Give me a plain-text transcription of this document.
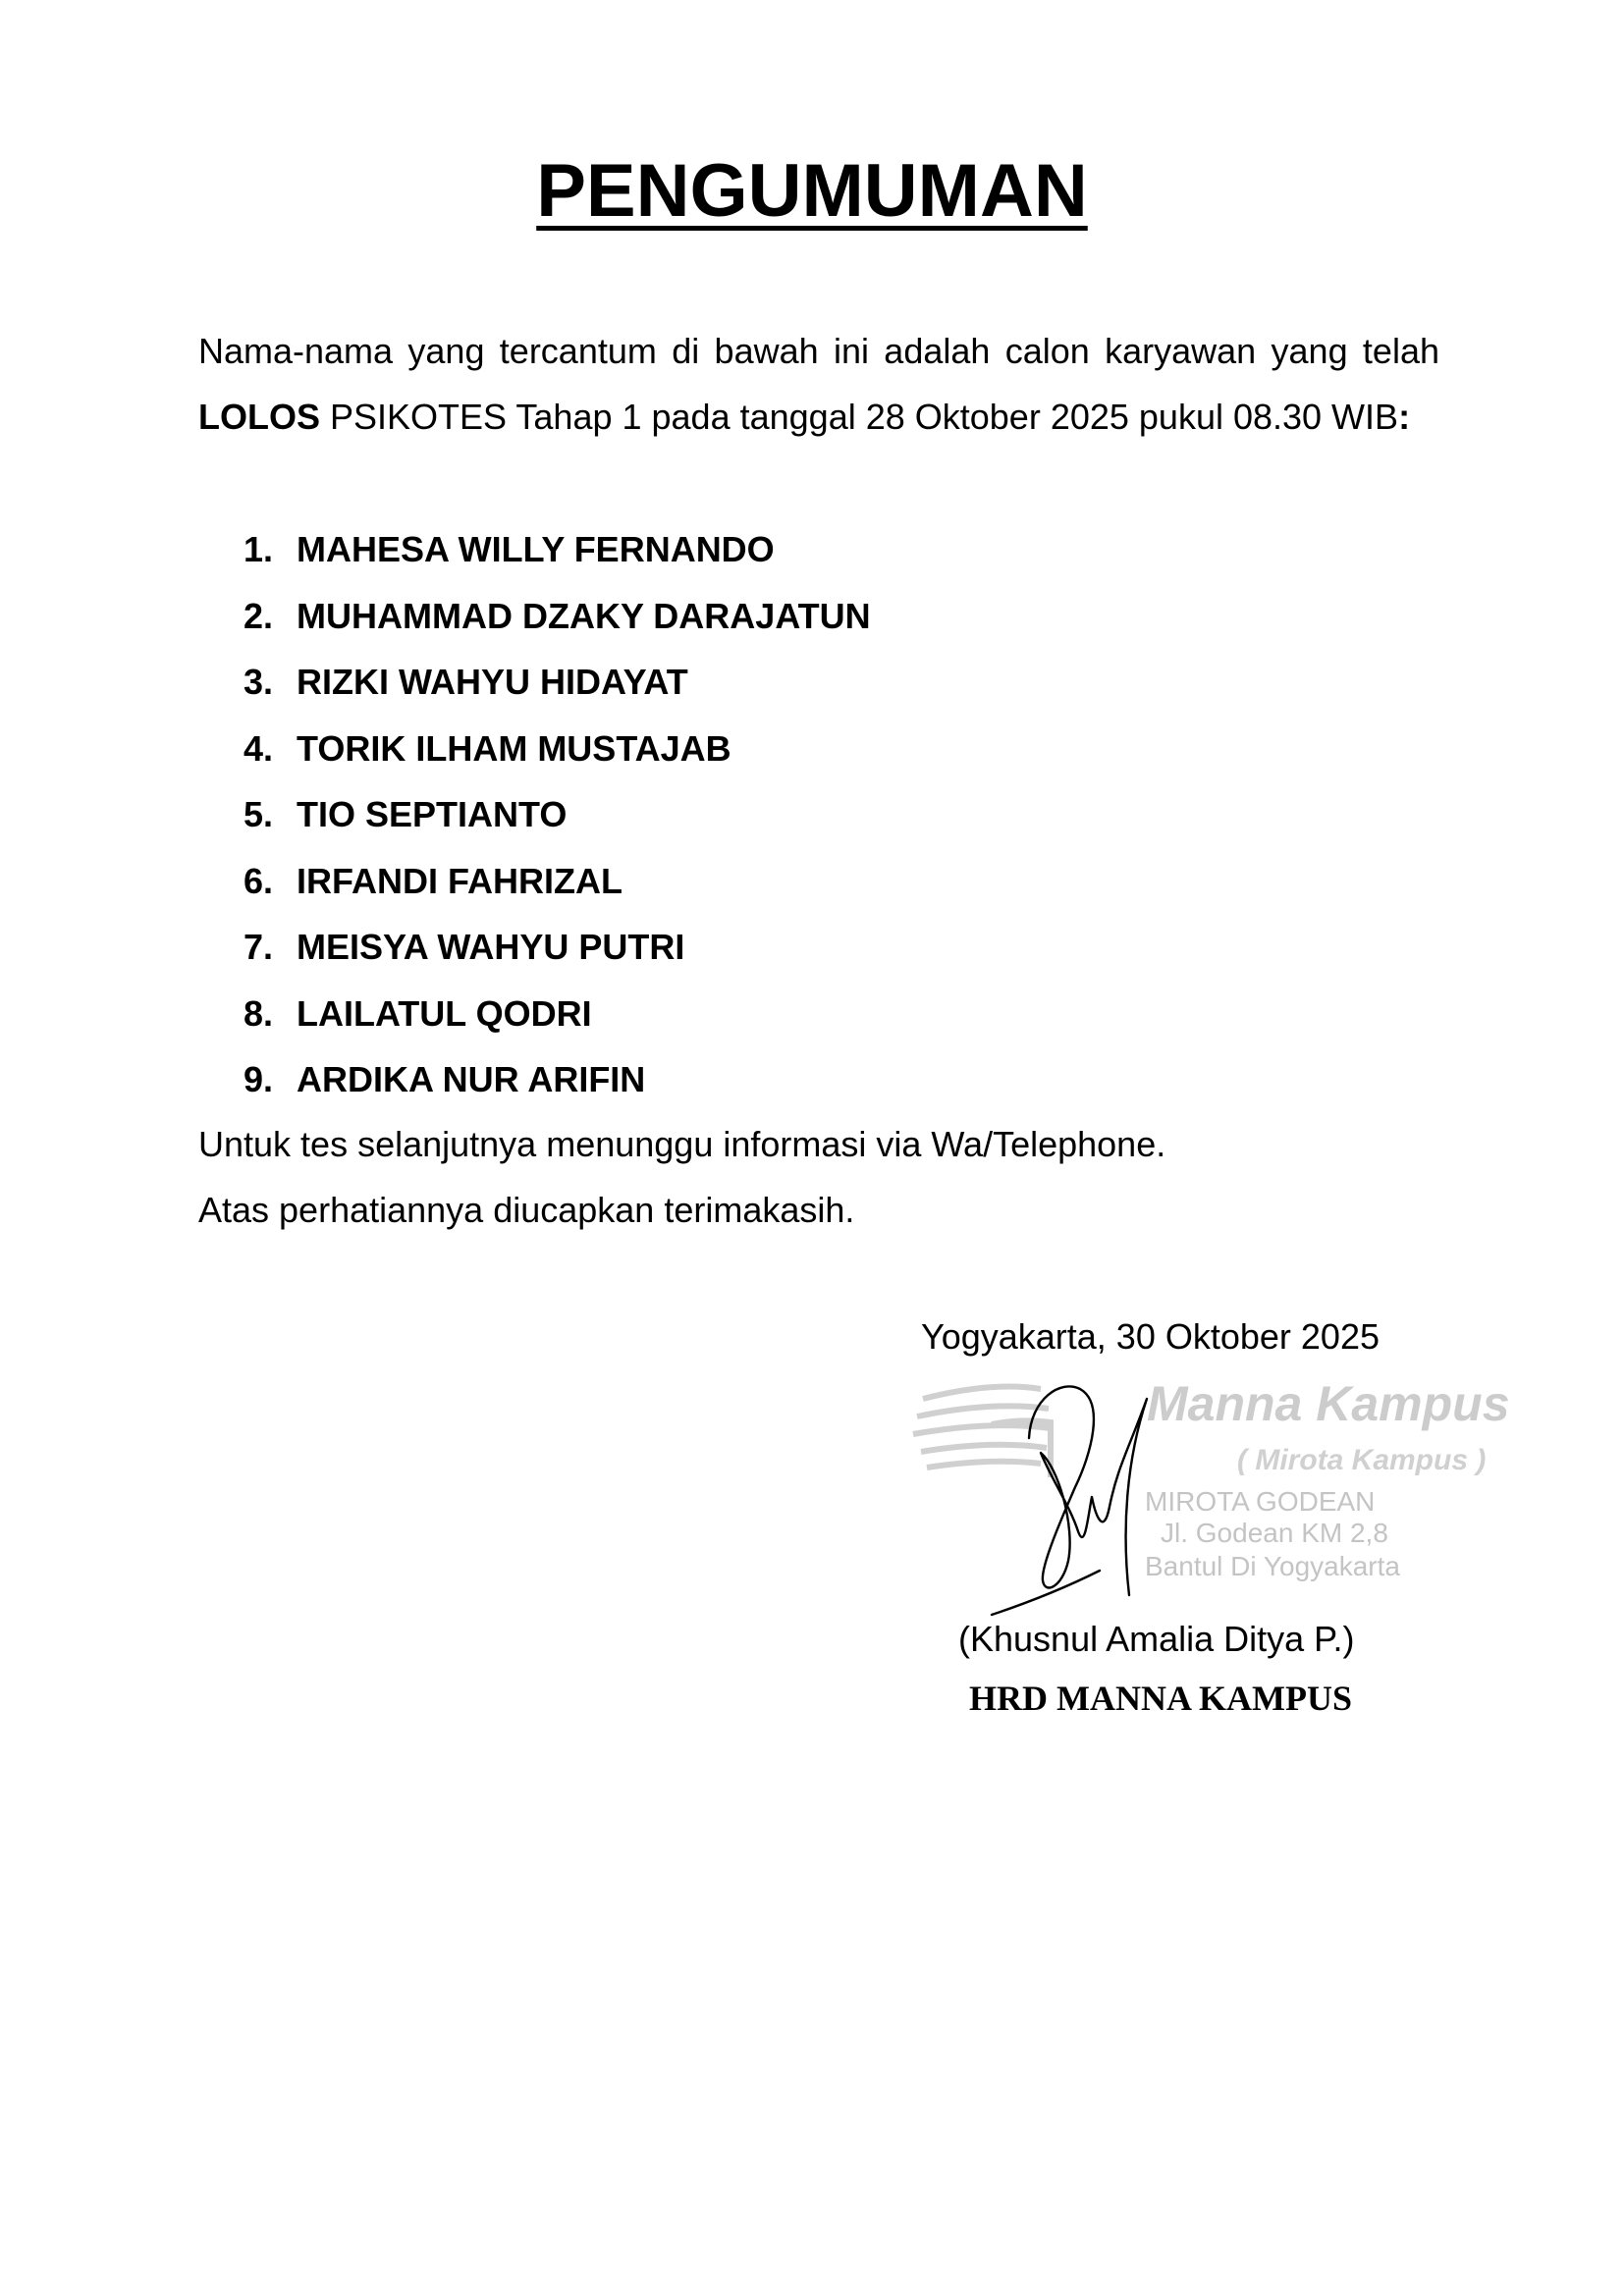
PENGUMUMAN

Nama-nama yang tercantum di bawah ini adalah calon karyawan yang telah LOLOS PSIKOTES Tahap 1 pada tanggal 28 Oktober 2025 pukul 08.30 WIB:

1. MAHESA WILLY FERNANDO
2. MUHAMMAD DZAKY DARAJATUN
3. RIZKI WAHYU HIDAYAT
4. TORIK ILHAM MUSTAJAB
5. TIO SEPTIANTO
6. IRFANDI FAHRIZAL
7. MEISYA WAHYU PUTRI
8. LAILATUL QODRI
9. ARDIKA NUR ARIFIN
Untuk tes selanjutnya menunggu informasi via Wa/Telephone.
Atas perhatiannya diucapkan terimakasih.
Yogyakarta, 30 Oktober 2025
Manna Kampus
( Mirota Kampus )
MIROTA GODEAN
Jl. Godean KM 2,8
Bantul Di Yogyakarta
(Khusnul Amalia Ditya P.)
HRD MANNA KAMPUS
